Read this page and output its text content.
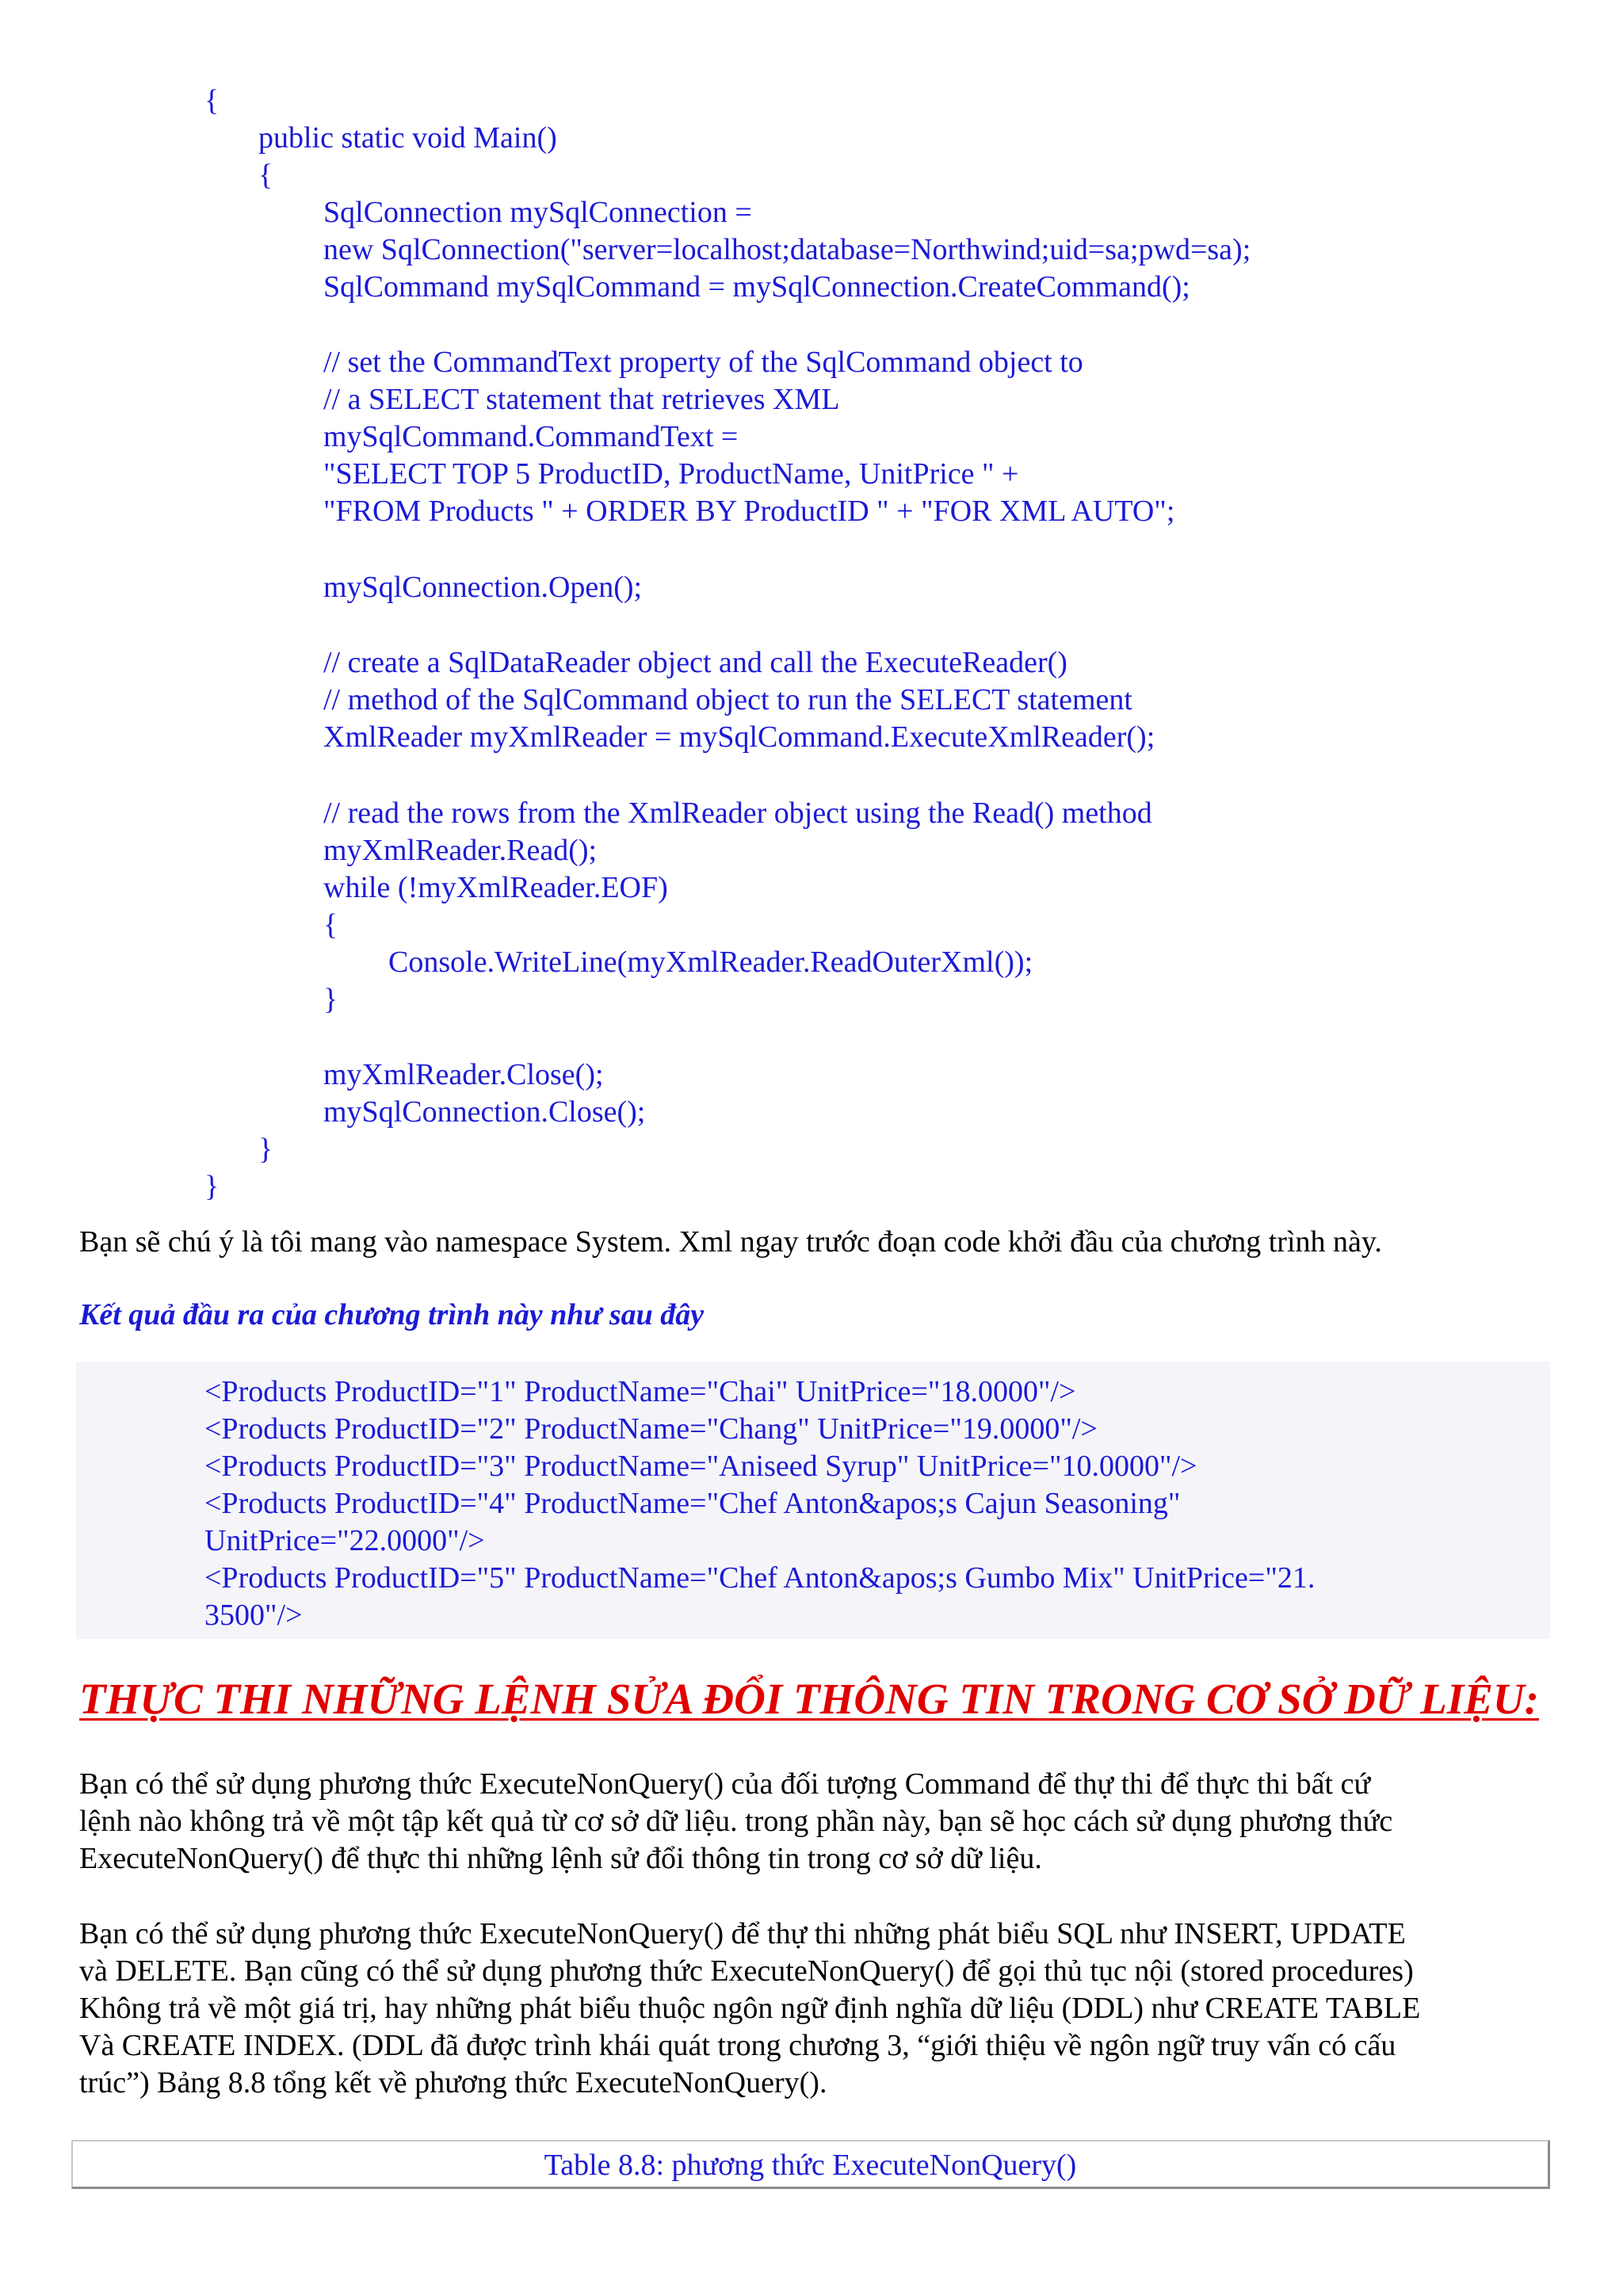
{
public static void Main()
{
SqlConnection mySqlConnection =
new SqlConnection("server=localhost;database=Northwind;uid=sa;pwd=sa);
SqlCommand mySqlCommand = mySqlConnection.CreateCommand();
// set the CommandText property of the SqlCommand object to
// a SELECT statement that retrieves XML
mySqlCommand.CommandText =
"SELECT TOP 5 ProductID, ProductName, UnitPrice " +
"FROM Products " + ORDER BY ProductID " + "FOR XML AUTO";
mySqlConnection.Open();
// create a SqlDataReader object and call the ExecuteReader()
// method of the SqlCommand object to run the SELECT statement
XmlReader myXmlReader = mySqlCommand.ExecuteXmlReader();
// read the rows from the XmlReader object using the Read() method
myXmlReader.Read();
while (!myXmlReader.EOF)
{
Console.WriteLine(myXmlReader.ReadOuterXml());
}
myXmlReader.Close();
mySqlConnection.Close();
}
}
Bạn sẽ chú ý là tôi mang vào namespace System. Xml ngay trước đoạn code khởi đầu của chương trình này.
Kết quả đầu ra của chương trình này như sau đây
<Products ProductID="1" ProductName="Chai" UnitPrice="18.0000"/>
<Products ProductID="2" ProductName="Chang" UnitPrice="19.0000"/>
<Products ProductID="3" ProductName="Aniseed Syrup" UnitPrice="10.0000"/>
<Products ProductID="4" ProductName="Chef Anton&apos;s Cajun Seasoning"
UnitPrice="22.0000"/>
<Products ProductID="5" ProductName="Chef Anton&apos;s Gumbo Mix" UnitPrice="21.
3500"/>
THỰC THI NHỮNG LỆNH SỬA ĐỔI THÔNG TIN TRONG CƠ SỞ DỮ LIỆU:
Bạn có thể sử dụng phương thức ExecuteNonQuery() của đối tượng Command để thự thi để thực thi bất cứ
lệnh nào không trả về một tập kết quả từ cơ sở dữ liệu. trong phần này, bạn sẽ học cách sử dụng phương thức
ExecuteNonQuery() để thực thi những lệnh sử đổi thông tin trong cơ sở dữ liệu.
Bạn có thể sử dụng phương thức ExecuteNonQuery() để thự thi những phát biểu SQL như INSERT, UPDATE
và DELETE. Bạn cũng có thể sử dụng phương thức ExecuteNonQuery() để gọi thủ tục nội (stored procedures)
Không trả về một giá trị, hay những phát biểu thuộc ngôn ngữ định nghĩa dữ liệu (DDL) như CREATE TABLE
Và CREATE INDEX. (DDL đã được trình khái quát trong chương 3, “giới thiệu về ngôn ngữ truy vấn có cấu
trúc”) Bảng 8.8 tổng kết về phương thức ExecuteNonQuery().
Table 8.8: phương thức ExecuteNonQuery()
